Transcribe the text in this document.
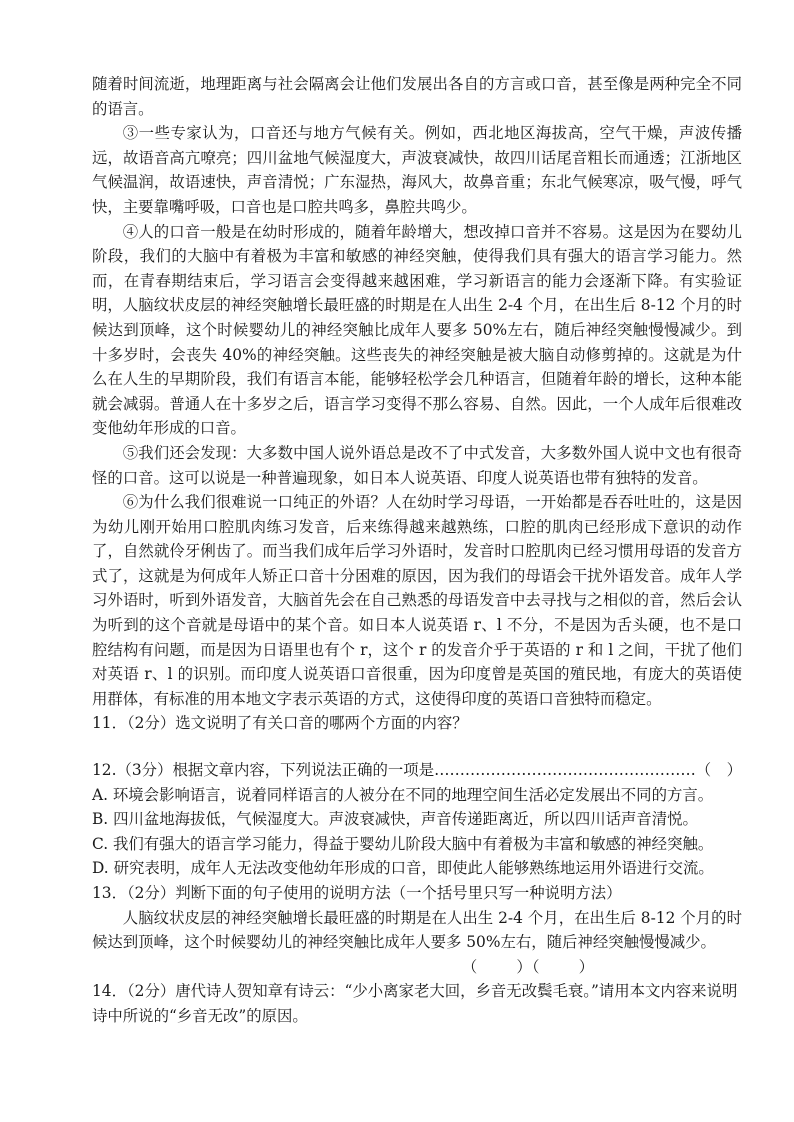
随着时间流逝，地理距离与社会隔离会让他们发展出各自的方言或口音，甚至像是两种完全不同的语言。

③一些专家认为，口音还与地方气候有关。例如，西北地区海拔高，空气干燥，声波传播远，故语音高亢嘹亮；四川盆地气候湿度大，声波衰减快，故四川话尾音粗长而通透；江浙地区气候温润，故语速快，声音清悦；广东湿热，海风大，故鼻音重；东北气候寒凉，吸气慢，呼气快，主要靠嘴呼吸，口音也是口腔共鸣多，鼻腔共鸣少。

④人的口音一般是在幼时形成的，随着年龄增大，想改掉口音并不容易。这是因为在婴幼儿阶段，我们的大脑中有着极为丰富和敏感的神经突触，使得我们具有强大的语言学习能力。然而，在青春期结束后，学习语言会变得越来越困难，学习新语言的能力会逐渐下降。有实验证明，人脑纹状皮层的神经突触增长最旺盛的时期是在人出生 2-4 个月，在出生后 8-12 个月的时候达到顶峰，这个时候婴幼儿的神经突触比成年人要多 50%左右，随后神经突触慢慢减少。到十多岁时，会丧失 40%的神经突触。这些丧失的神经突触是被大脑自动修剪掉的。这就是为什么在人生的早期阶段，我们有语言本能，能够轻松学会几种语言，但随着年龄的增长，这种本能就会减弱。普通人在十多岁之后，语言学习变得不那么容易、自然。因此，一个人成年后很难改变他幼年形成的口音。

⑤我们还会发现：大多数中国人说外语总是改不了中式发音，大多数外国人说中文也有很奇怪的口音。这可以说是一种普遍现象，如日本人说英语、印度人说英语也带有独特的发音。

⑥为什么我们很难说一口纯正的外语？人在幼时学习母语，一开始都是吞吞吐吐的，这是因为幼儿刚开始用口腔肌肉练习发音，后来练得越来越熟练，口腔的肌肉已经形成下意识的动作了，自然就伶牙俐齿了。而当我们成年后学习外语时，发音时口腔肌肉已经习惯用母语的发音方式了，这就是为何成年人矫正口音十分困难的原因，因为我们的母语会干扰外语发音。成年人学习外语时，听到外语发音，大脑首先会在自己熟悉的母语发音中去寻找与之相似的音，然后会认为听到的这个音就是母语中的某个音。如日本人说英语 r、l 不分，不是因为舌头硬，也不是口腔结构有问题，而是因为日语里也有个 r，这个 r 的发音介乎于英语的 r 和 l 之间，干扰了他们对英语 r、l 的识别。而印度人说英语口音很重，因为印度曾是英国的殖民地，有庞大的英语使用群体，有标准的用本地文字表示英语的方式，这使得印度的英语口音独特而稳定。

11．（2分）选文说明了有关口音的哪两个方面的内容？

12.（3分）根据文章内容，下列说法正确的一项是……………………………………………（ ）

A. 环境会影响语言，说着同样语言的人被分在不同的地理空间生活必定发展出不同的方言。

B. 四川盆地海拔低，气候湿度大。声波衰减快，声音传递距离近，所以四川话声音清悦。

C. 我们有强大的语言学习能力，得益于婴幼儿阶段大脑中有着极为丰富和敏感的神经突触。

D. 研究表明，成年人无法改变他幼年形成的口音，即使此人能够熟练地运用外语进行交流。

13．（2分）判断下面的句子使用的说明方法（一个括号里只写一种说明方法）

人脑纹状皮层的神经突触增长最旺盛的时期是在人出生 2-4 个月，在出生后 8-12 个月的时候达到顶峰，这个时候婴幼儿的神经突触比成年人要多 50%左右，随后神经突触慢慢减少。

（        ）（        ）

14．（2分）唐代诗人贺知章有诗云：“少小离家老大回，乡音无改鬓毛衰。”请用本文内容来说明诗中所说的“乡音无改”的原因。
